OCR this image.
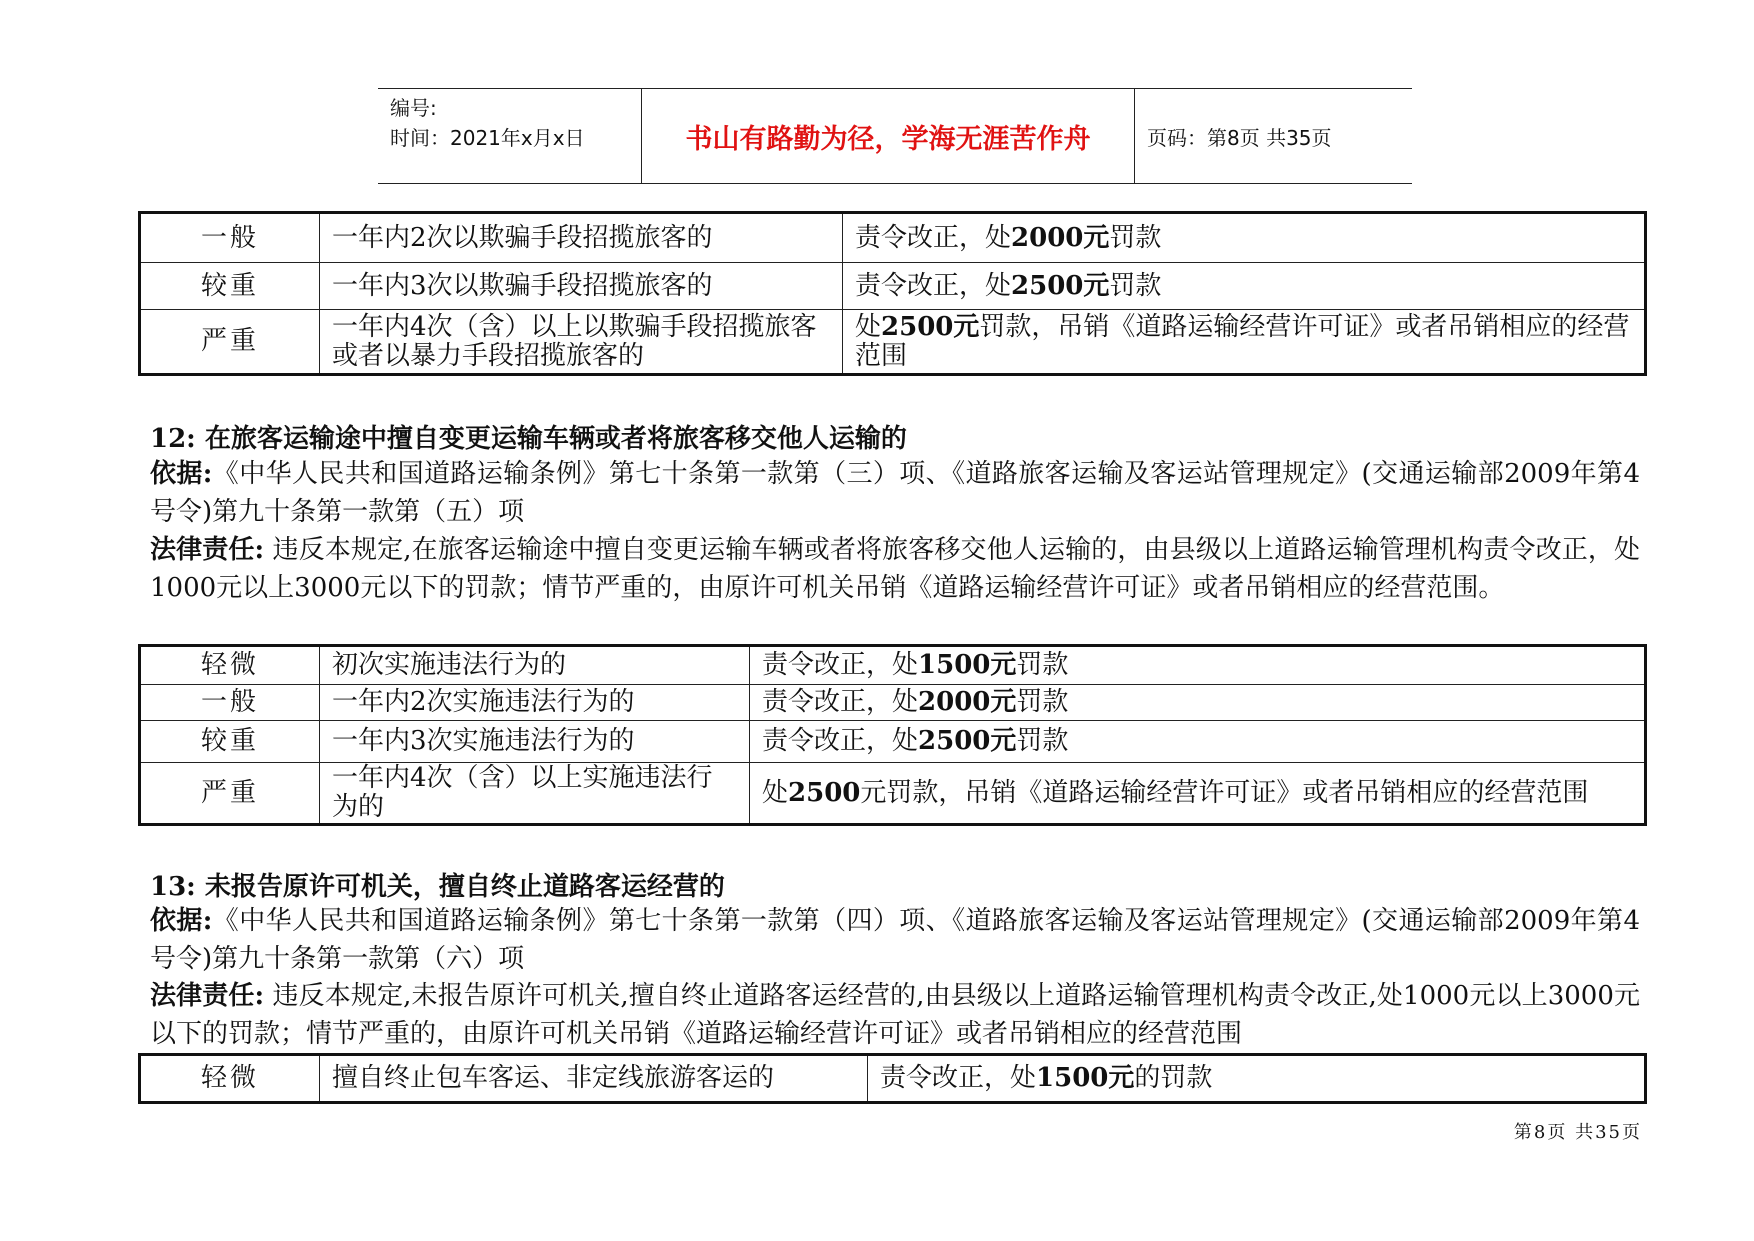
编号:
时间：2021年x月x日	书山有路勤为径，学海无涯苦作舟	页码：第8页 共35页
一般	一年内2次以欺骗手段招揽旅客的	责令改正，处2000元罚款
较重	一年内3次以欺骗手段招揽旅客的	责令改正，处2500元罚款
严重	一年内4次（含）以上以欺骗手段招揽旅客或者以暴力手段招揽旅客的	处2500元罚款，吊销《道路运输经营许可证》或者吊销相应的经营范围
12: 在旅客运输途中擅自变更运输车辆或者将旅客移交他人运输的
依据:《中华人民共和国道路运输条例》第七十条第一款第（三）项、《道路旅客运输及客运站管理规定》(交通运输部2009年第4号令)第九十条第一款第（五）项
法律责任: 违反本规定,在旅客运输途中擅自变更运输车辆或者将旅客移交他人运输的，由县级以上道路运输管理机构责令改正，处1000元以上3000元以下的罚款；情节严重的，由原许可机关吊销《道路运输经营许可证》或者吊销相应的经营范围。
轻微	初次实施违法行为的	责令改正，处1500元罚款
一般	一年内2次实施违法行为的	责令改正，处2000元罚款
较重	一年内3次实施违法行为的	责令改正，处2500元罚款
严重	一年内4次（含）以上实施违法行为的	处2500元罚款，吊销《道路运输经营许可证》或者吊销相应的经营范围
13: 未报告原许可机关，擅自终止道路客运经营的
依据:《中华人民共和国道路运输条例》第七十条第一款第（四）项、《道路旅客运输及客运站管理规定》(交通运输部2009年第4号令)第九十条第一款第（六）项
法律责任: 违反本规定,未报告原许可机关,擅自终止道路客运经营的,由县级以上道路运输管理机构责令改正,处1000元以上3000元以下的罚款；情节严重的，由原许可机关吊销《道路运输经营许可证》或者吊销相应的经营范围
轻微	擅自终止包车客运、非定线旅游客运的	责令改正，处1500元的罚款
第8页 共35页
